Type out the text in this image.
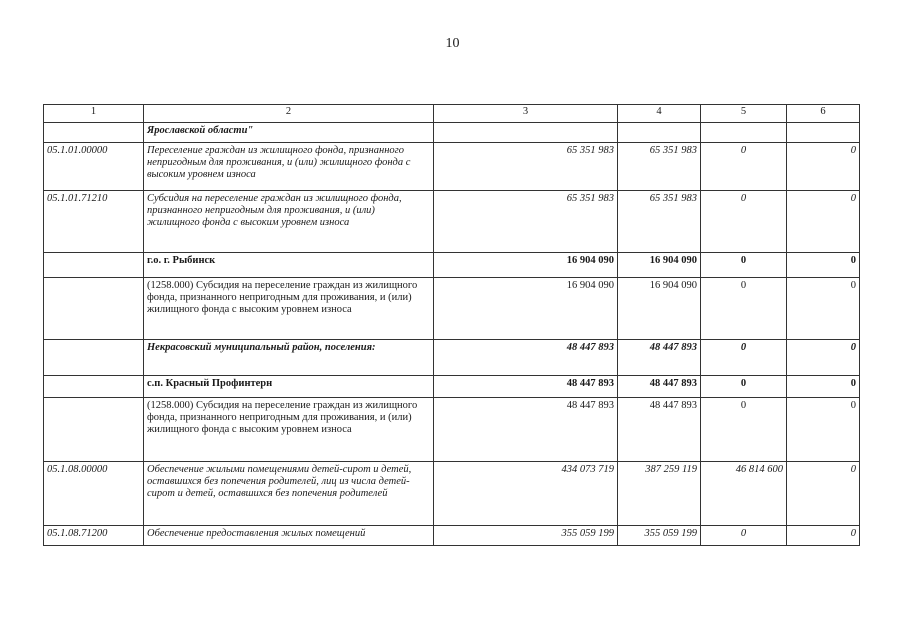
10
1	2	3	4	5	6
	Ярославской области"				
05.1.01.00000	Переселение граждан из жилищного фонда, признанного непригодным для проживания, и (или) жилищного фонда с высоким уровнем износа	65 351 983	65 351 983	0	0
05.1.01.71210	Субсидия на переселение граждан из жилищного фонда, признанного непригодным для проживания, и (или) жилищного фонда с высоким уровнем износа	65 351 983	65 351 983	0	0
	г.о. г. Рыбинск	16 904 090	16 904 090	0	0
	(1258.000) Субсидия на переселение граждан из жилищного фонда, признанного непригодным для проживания, и (или) жилищного фонда с высоким уровнем износа	16 904 090	16 904 090	0	0
	Некрасовский муниципальный район, поселения:	48 447 893	48 447 893	0	0
	с.п. Красный Профинтерн	48 447 893	48 447 893	0	0
	(1258.000) Субсидия на переселение граждан из жилищного фонда, признанного непригодным для проживания, и (или) жилищного фонда с высоким уровнем износа	48 447 893	48 447 893	0	0
05.1.08.00000	Обеспечение жилыми помещениями детей-сирот и детей, оставшихся без попечения родителей, лиц из числа детей-сирот и детей, оставшихся без попечения родителей	434 073 719	387 259 119	46 814 600	0
05.1.08.71200	Обеспечение предоставления жилых помещений	355 059 199	355 059 199	0	0
